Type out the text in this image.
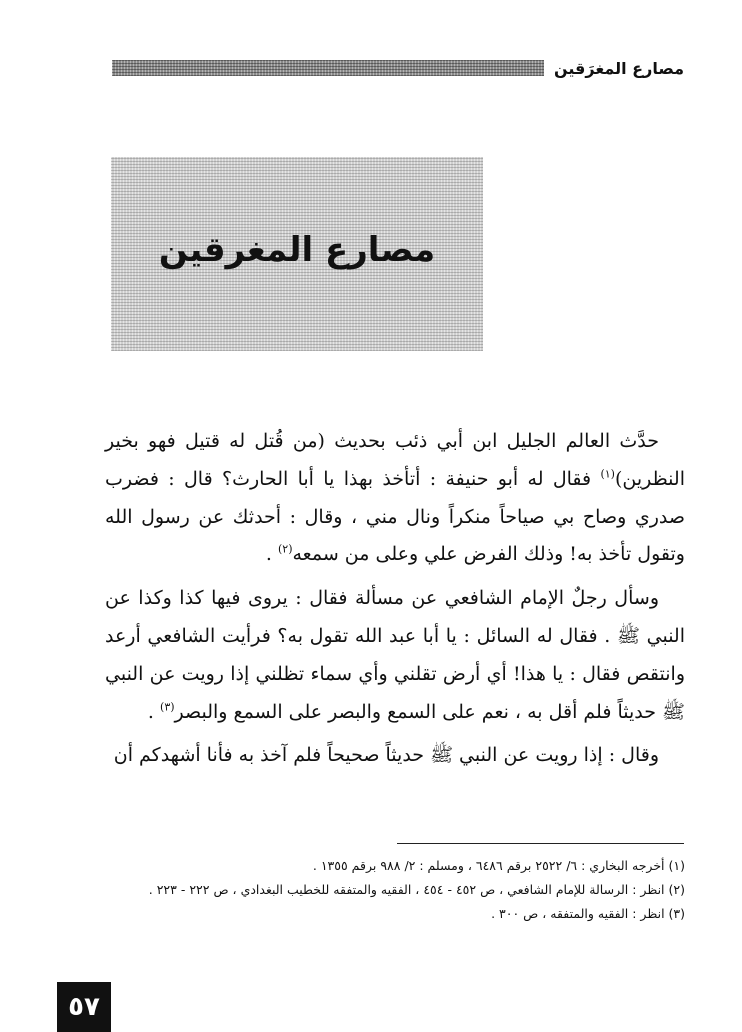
مصارع المغرَقين
مصارع المغرقين

حدَّث العالم الجليل ابن أبي ذئب بحديث (من قُتل له قتيل فهو بخير النظرين)$^{(١)}$ فقال له أبو حنيفة : أتأخذ بهذا يا أبا الحارث؟ قال : فضرب صدري وصاح بي صياحاً منكراً ونال مني ، وقال : أحدثك عن رسول الله وتقول تأخذ به! وذلك الفرض علي وعلى من سمعه$^{(٢)}$ .

وسأل رجلٌ الإمام الشافعي عن مسألة فقال : يروى فيها كذا وكذا عن النبي ﷺ . فقال له السائل : يا أبا عبد الله تقول به؟ فرأيت الشافعي أرعد وانتقص فقال : يا هذا! أي أرض تقلني وأي سماء تظلني إذا رويت عن النبي ﷺ حديثاً فلم أقل به ، نعم على السمع والبصر على السمع والبصر$^{(٣)}$ .

وقال : إذا رويت عن النبي ﷺ حديثاً صحيحاً فلم آخذ به فأنا أشهدكم أن

(١) أخرجه البخاري : ٦/ ٢٥٢٢ برقم ٦٤٨٦ ، ومسلم : ٢/ ٩٨٨ برقم ١٣٥٥ .
(٢) انظر : الرسالة للإمام الشافعي ، ص ٤٥٢ - ٤٥٤ ، الفقيه والمتفقه للخطيب البغدادي ، ص ٢٢٢ - ٢٢٣ .
(٣) انظر : الفقيه والمتفقه ، ص ٣٠٠ .
٥٧
